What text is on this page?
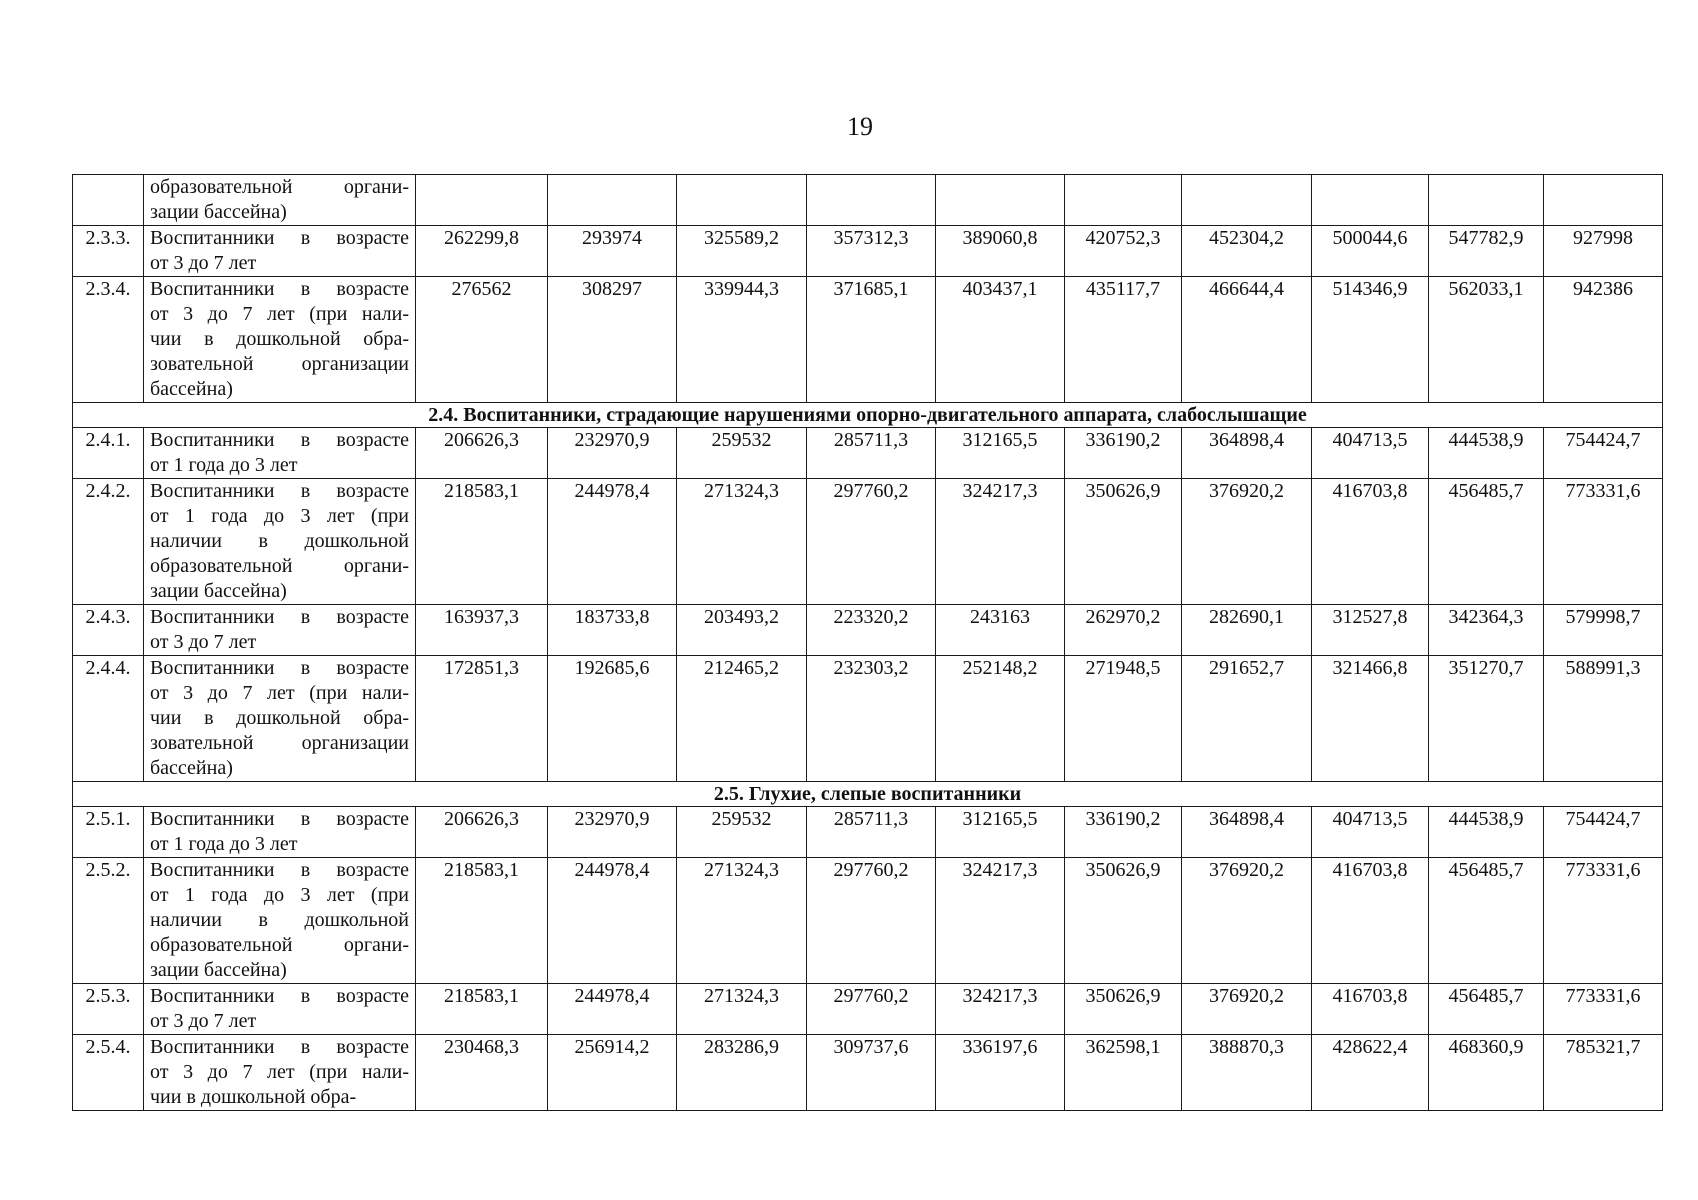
19

	образовательной органи-
зации бассейна)										

2.3.3.	Воспитанники в возрасте
от 3 до 7 лет	262299,8	293974	325589,2	357312,3	389060,8	420752,3	452304,2	500044,6	547782,9	927998
2.3.4.	Воспитанники в возрасте
от 3 до 7 лет (при нали-
чии в дошкольной обра-
зовательной организации
бассейна)	276562	308297	339944,3	371685,1	403437,1	435117,7	466644,4	514346,9	562033,1	942386
2.4. Воспитанники, страдающие нарушениями опорно-двигательного аппарата, слабослышащие											
2.4.1.	Воспитанники в возрасте
от 1 года до 3 лет	206626,3	232970,9	259532	285711,3	312165,5	336190,2	364898,4	404713,5	444538,9	754424,7
2.4.2.	Воспитанники в возрасте
от 1 года до 3 лет (при
наличии в дошкольной
образовательной органи-
зации бассейна)	218583,1	244978,4	271324,3	297760,2	324217,3	350626,9	376920,2	416703,8	456485,7	773331,6
2.4.3.	Воспитанники в возрасте
от 3 до 7 лет	163937,3	183733,8	203493,2	223320,2	243163	262970,2	282690,1	312527,8	342364,3	579998,7
2.4.4.	Воспитанники в возрасте
от 3 до 7 лет (при нали-
чии в дошкольной обра-
зовательной организации
бассейна)	172851,3	192685,6	212465,2	232303,2	252148,2	271948,5	291652,7	321466,8	351270,7	588991,3
2.5. Глухие, слепые воспитанники											
2.5.1.	Воспитанники в возрасте
от 1 года до 3 лет	206626,3	232970,9	259532	285711,3	312165,5	336190,2	364898,4	404713,5	444538,9	754424,7
2.5.2.	Воспитанники в возрасте
от 1 года до 3 лет (при
наличии в дошкольной
образовательной органи-
зации бассейна)	218583,1	244978,4	271324,3	297760,2	324217,3	350626,9	376920,2	416703,8	456485,7	773331,6
2.5.3.	Воспитанники в возрасте
от 3 до 7 лет	218583,1	244978,4	271324,3	297760,2	324217,3	350626,9	376920,2	416703,8	456485,7	773331,6
2.5.4.	Воспитанники в возрасте
от 3 до 7 лет (при нали-
чии в дошкольной обра-	230468,3	256914,2	283286,9	309737,6	336197,6	362598,1	388870,3	428622,4	468360,9	785321,7
